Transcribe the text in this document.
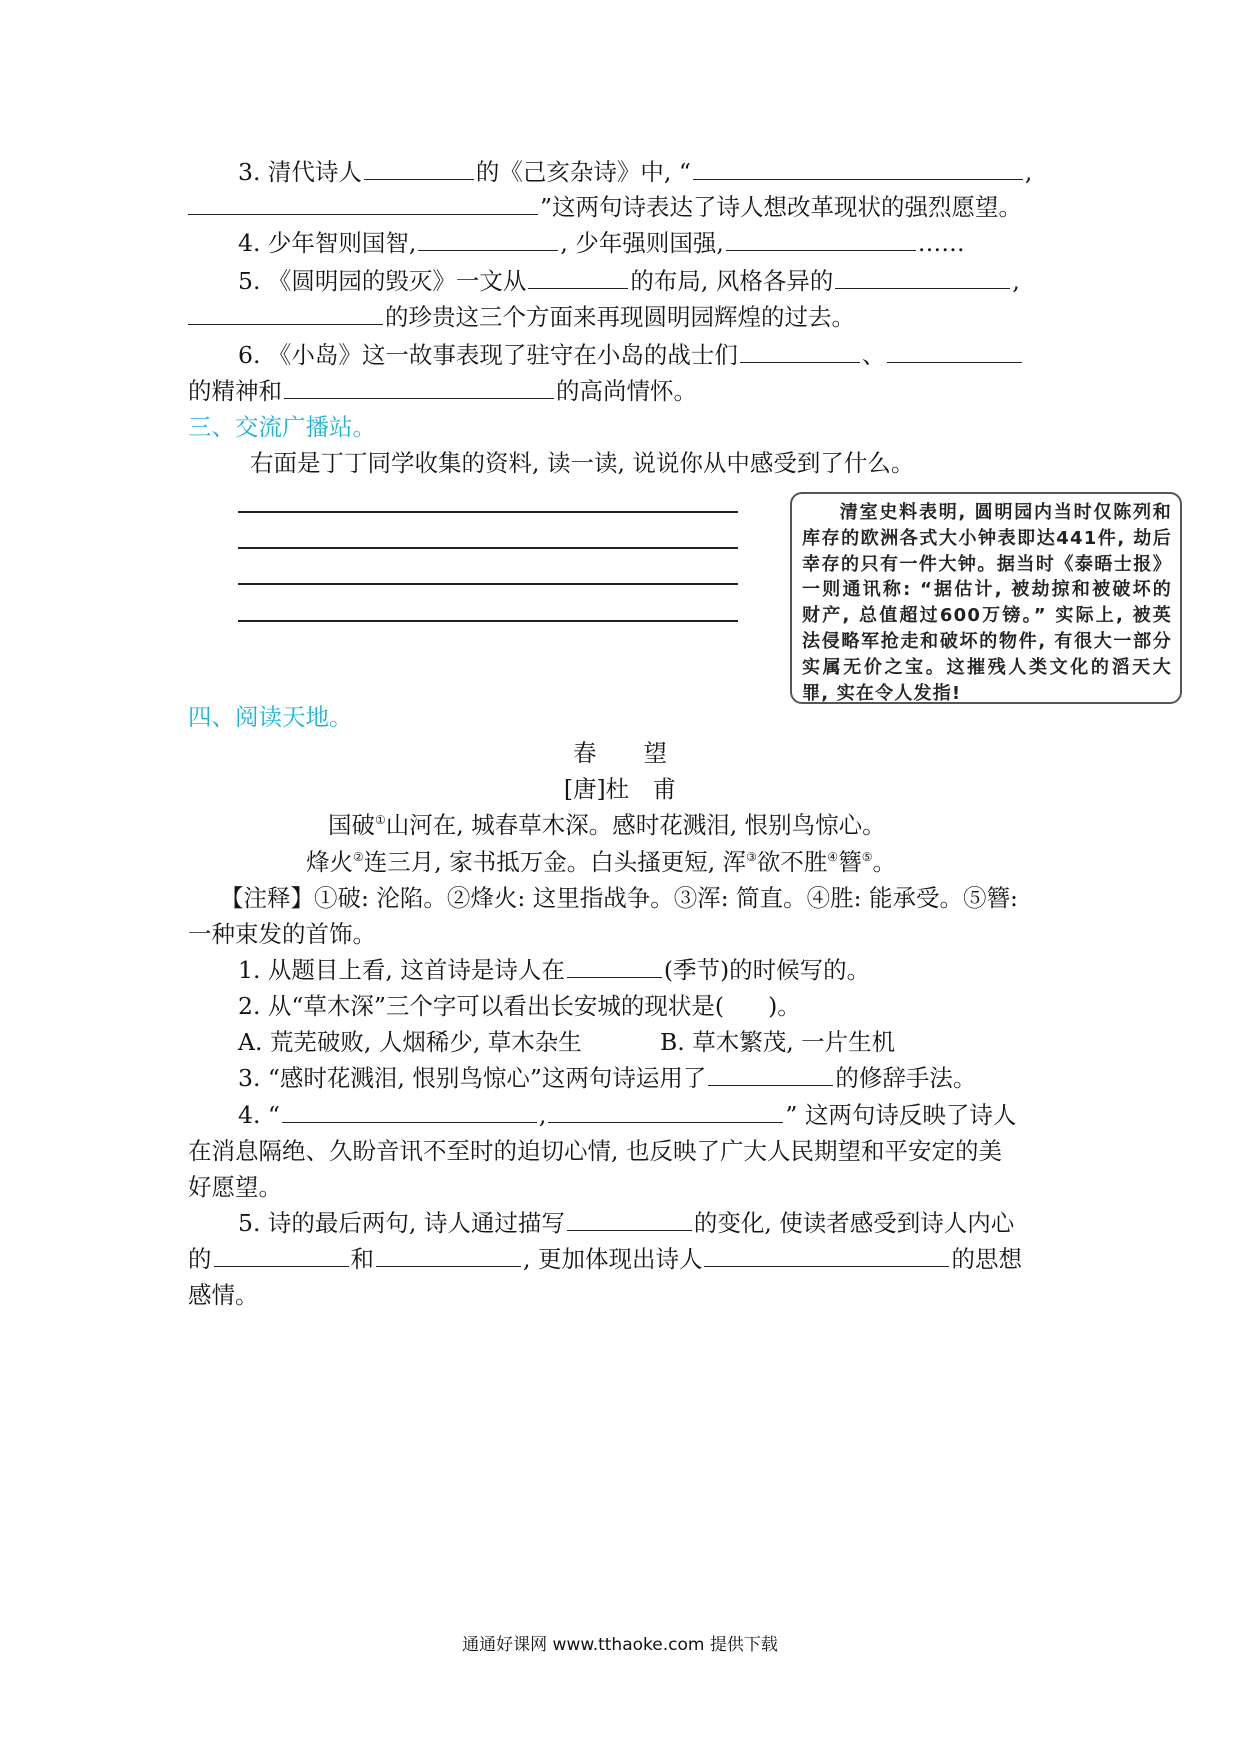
3. 清代诗人	的《己亥杂诗》中, “	,
”这两句诗表达了诗人想改革现状的强烈愿望。
4. 少年智则国智,	, 少年强则国强,	……
5. 《圆明园的毁灭》一文从	的布局, 风格各异的	,
的珍贵这三个方面来再现圆明园辉煌的过去。
6. 《小岛》这一故事表现了驻守在小岛的战士们	、
的精神和	的高尚情怀。
三、交流广播站。
右面是丁丁同学收集的资料, 读一读, 说说你从中感受到了什么。
清室史料表明, 圆明园内当时仅陈列和库存的欧洲各式大小钟表即达441件, 劫后幸存的只有一件大钟。据当时《泰晤士报》一则通讯称: “据估计, 被劫掠和被破坏的财产, 总值超过600万镑。” 实际上, 被英法侵略军抢走和破坏的物件, 有很大一部分实属无价之宝。这摧残人类文化的滔天大罪, 实在令人发指!
四、阅读天地。
春　　望
[唐]杜　甫
国破①山河在, 城春草木深。感时花溅泪, 恨别鸟惊心。
烽火②连三月, 家书抵万金。白头搔更短, 浑③欲不胜④簪⑤。
【注释】①破: 沦陷。②烽火: 这里指战争。③浑: 简直。④胜: 能承受。⑤簪:
一种束发的首饰。
1. 从题目上看, 这首诗是诗人在	(季节)的时候写的。
2. 从“草木深”三个字可以看出长安城的现状是( )。
A. 荒芜破败, 人烟稀少, 草木杂生	B. 草木繁茂, 一片生机
3. “感时花溅泪, 恨别鸟惊心”这两句诗运用了	的修辞手法。
4. “	,	” 这两句诗反映了诗人
在消息隔绝、久盼音讯不至时的迫切心情, 也反映了广大人民期望和平安定的美
好愿望。
5. 诗的最后两句, 诗人通过描写	的变化, 使读者感受到诗人内心
的	和	, 更加体现出诗人	的思想
感情。
通通好课网 www.tthaoke.com 提供下载
